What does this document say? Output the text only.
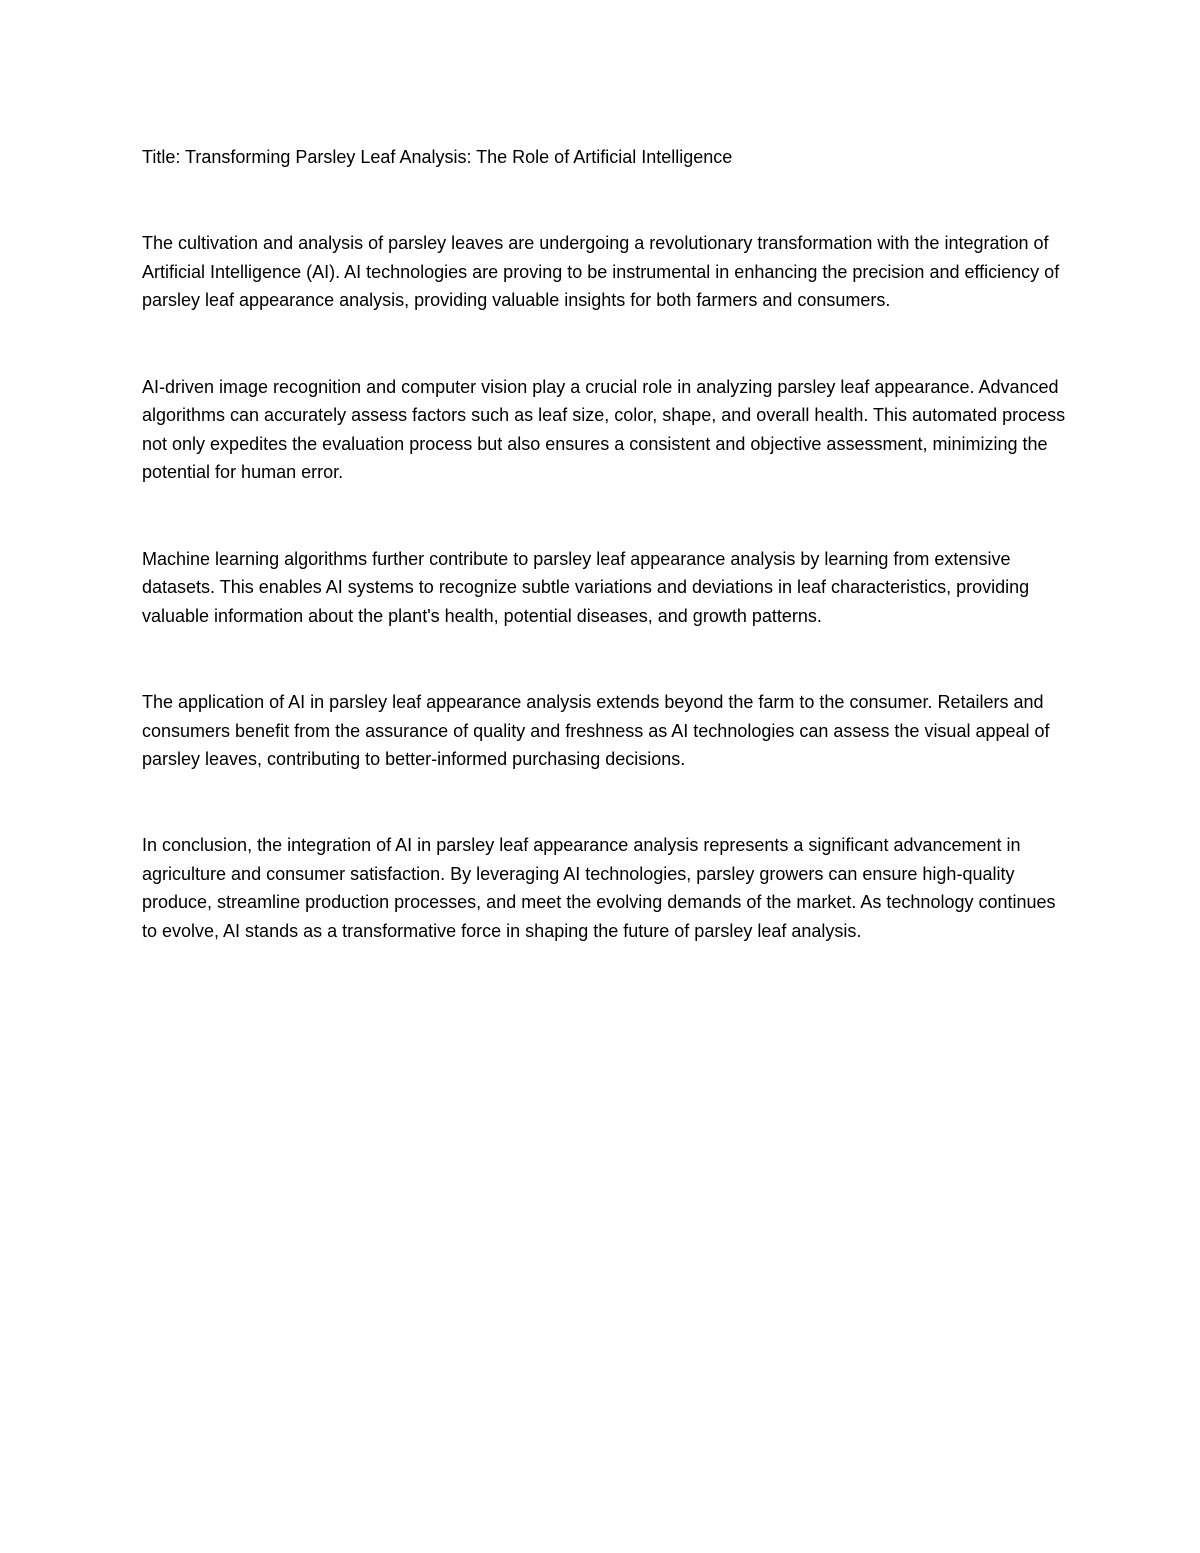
Title: Transforming Parsley Leaf Analysis: The Role of Artificial Intelligence

The cultivation and analysis of parsley leaves are undergoing a revolutionary transformation with the integration of Artificial Intelligence (AI). AI technologies are proving to be instrumental in enhancing the precision and efficiency of parsley leaf appearance analysis, providing valuable insights for both farmers and consumers.

AI-driven image recognition and computer vision play a crucial role in analyzing parsley leaf appearance. Advanced algorithms can accurately assess factors such as leaf size, color, shape, and overall health. This automated process not only expedites the evaluation process but also ensures a consistent and objective assessment, minimizing the potential for human error.

Machine learning algorithms further contribute to parsley leaf appearance analysis by learning from extensive datasets. This enables AI systems to recognize subtle variations and deviations in leaf characteristics, providing valuable information about the plant's health, potential diseases, and growth patterns.

The application of AI in parsley leaf appearance analysis extends beyond the farm to the consumer. Retailers and consumers benefit from the assurance of quality and freshness as AI technologies can assess the visual appeal of parsley leaves, contributing to better-informed purchasing decisions.

In conclusion, the integration of AI in parsley leaf appearance analysis represents a significant advancement in agriculture and consumer satisfaction. By leveraging AI technologies, parsley growers can ensure high-quality produce, streamline production processes, and meet the evolving demands of the market. As technology continues to evolve, AI stands as a transformative force in shaping the future of parsley leaf analysis.
